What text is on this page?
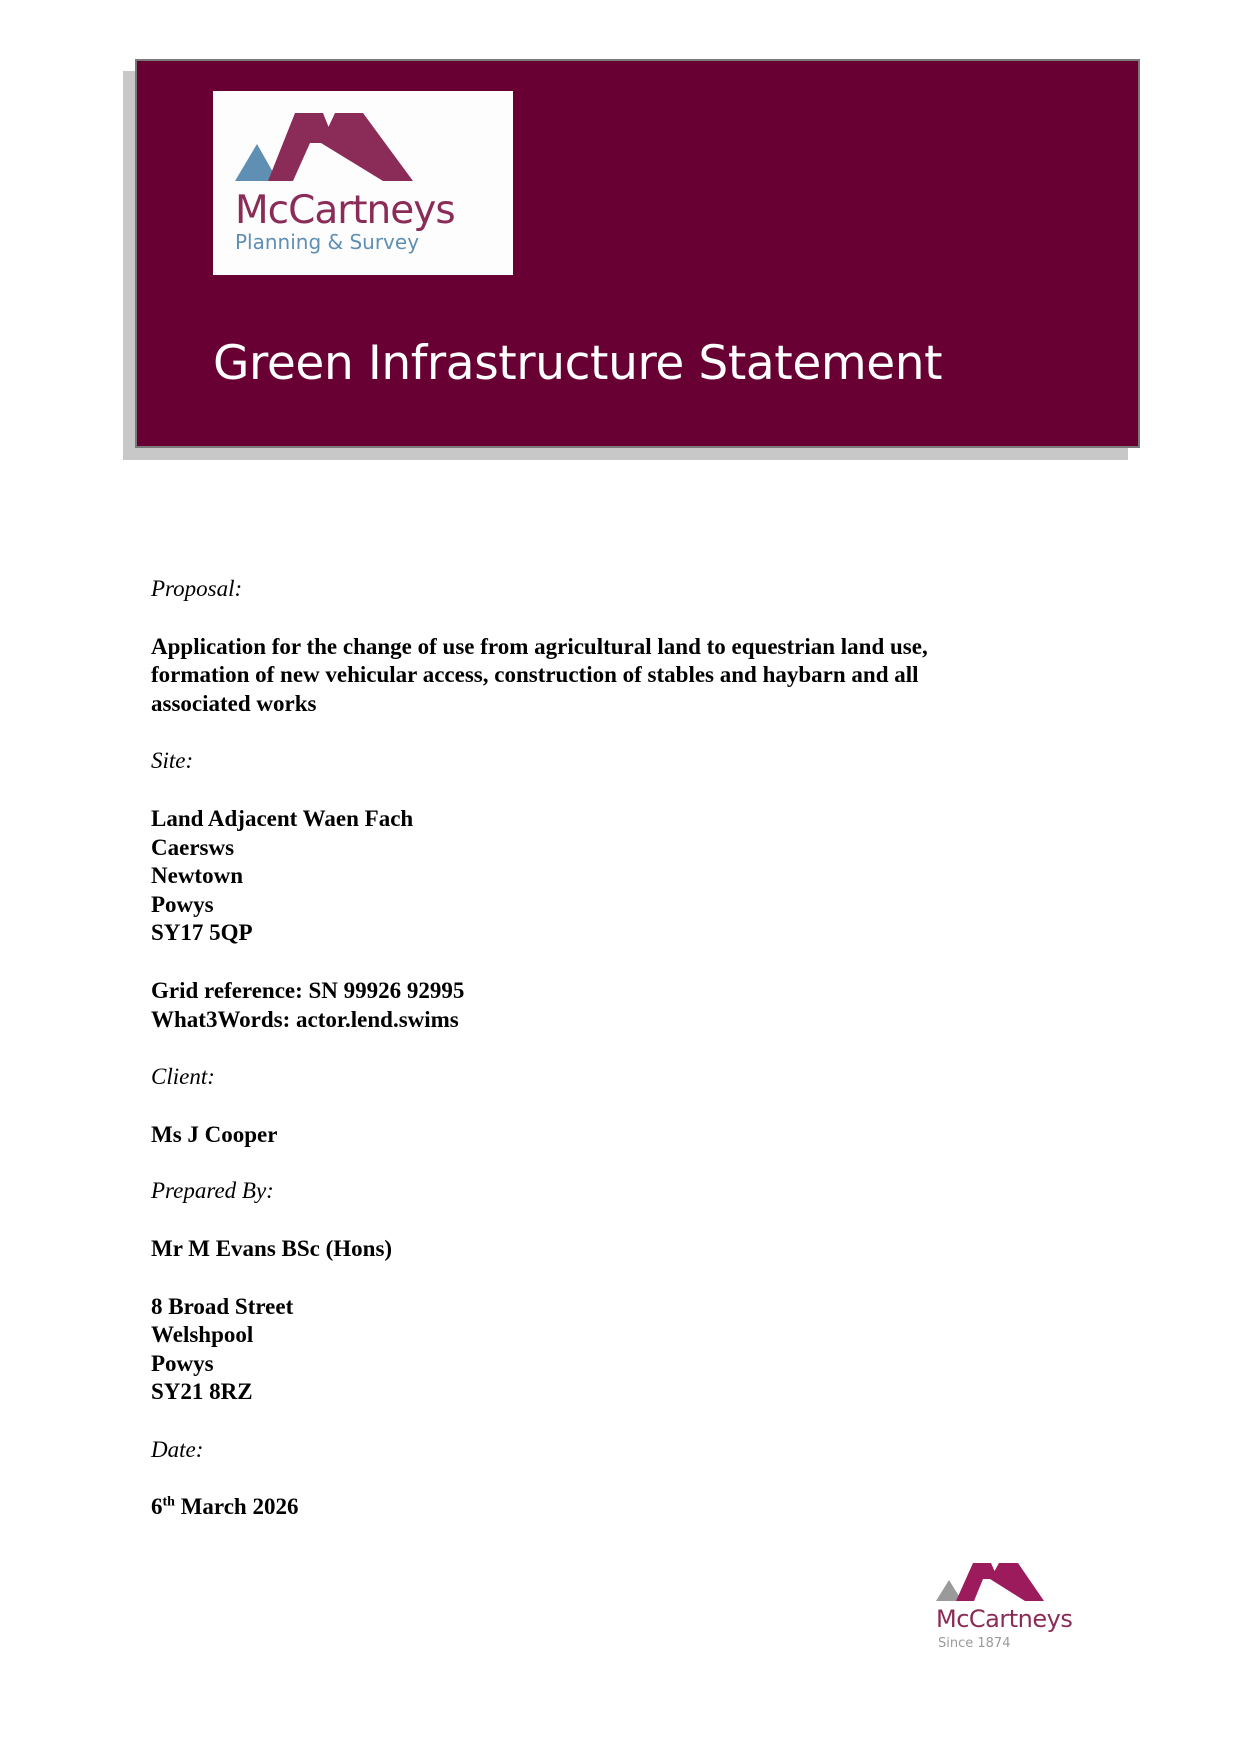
McCartneys
Planning & Survey
Green Infrastructure Statement

Proposal:

Application for the change of use from agricultural land to equestrian land use,

formation of new vehicular access, construction of stables and haybarn and all

associated works

Site:

Land Adjacent Waen Fach

Caersws

Newtown

Powys

SY17 5QP

Grid reference: SN 99926 92995

What3Words: actor.lend.swims

Client:

Ms J Cooper

Prepared By:

Mr M Evans BSc (Hons)

8 Broad Street

Welshpool

Powys

SY21 8RZ

Date:

6th March 2026

McCartneys
Since 1874
